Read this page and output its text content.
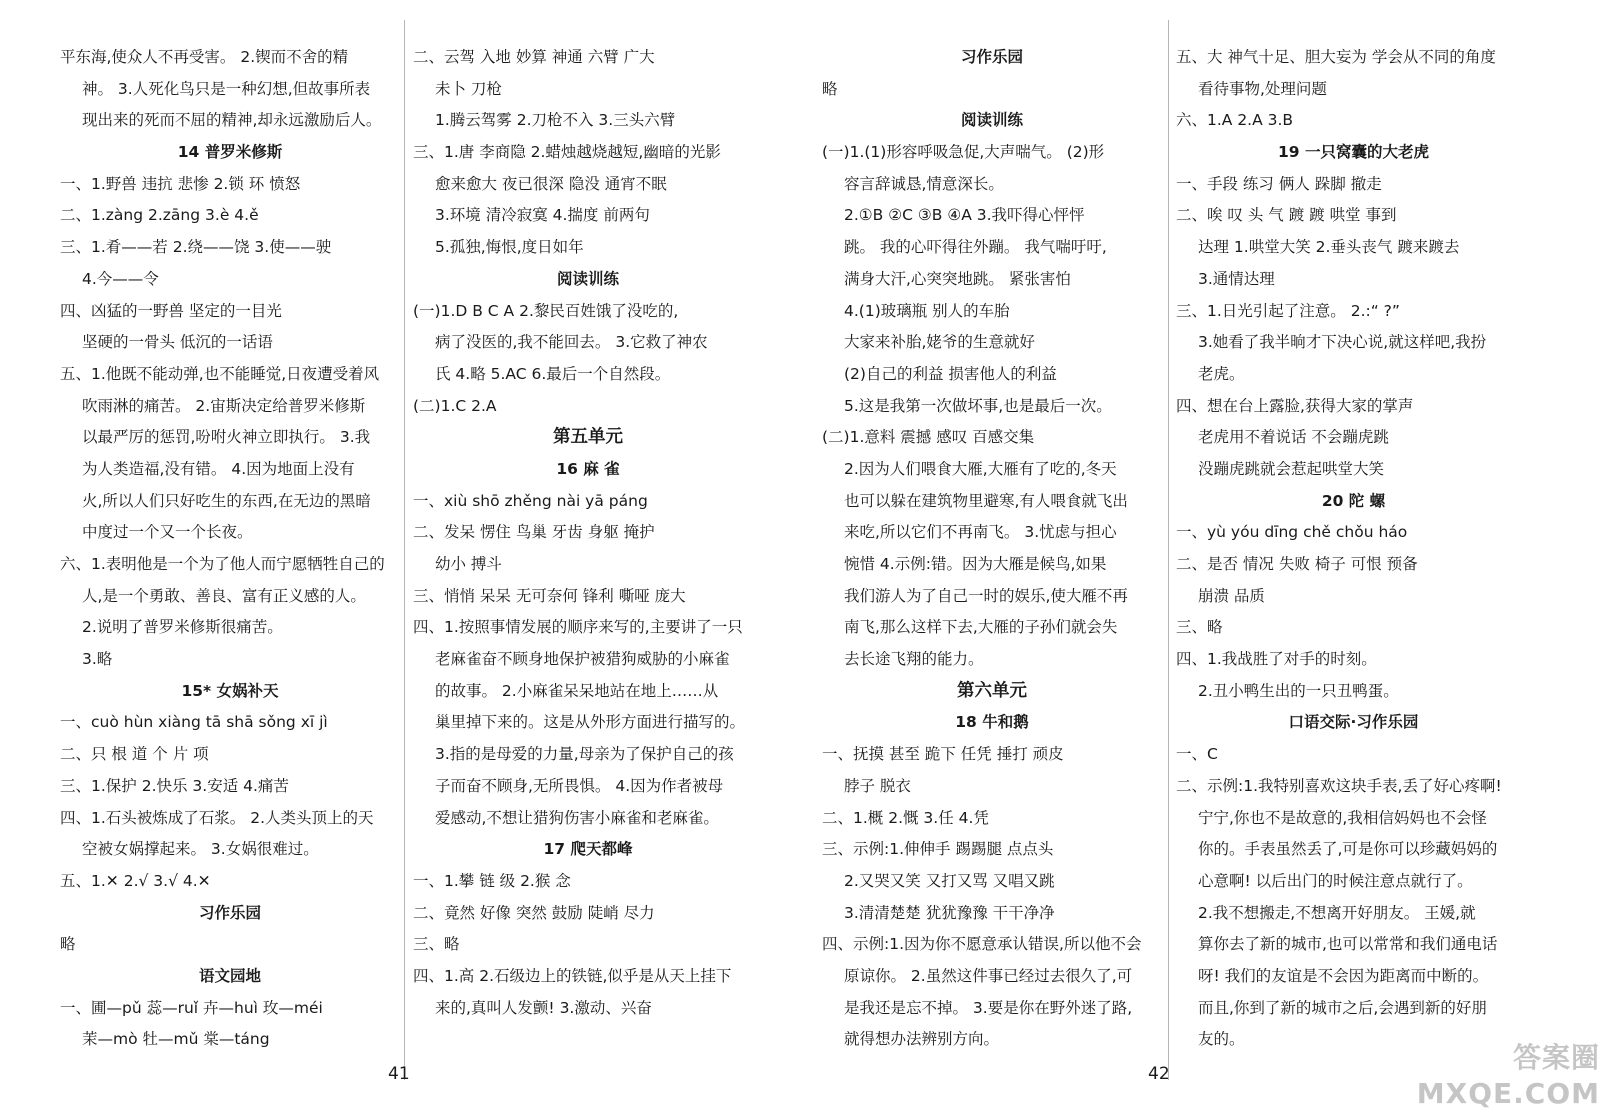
平东海,使众人不再受害。 2.锲而不舍的精
神。 3.人死化鸟只是一种幻想,但故事所表
现出来的死而不屈的精神,却永远激励后人。
14 普罗米修斯
一、1.野兽 违抗 悲惨 2.锁 环 愤怒
二、1.zàng 2.zāng 3.è 4.ě
三、1.肴——若 2.绕——饶 3.使——驶
4.今——令
四、凶猛的一野兽 坚定的一目光
坚硬的一骨头 低沉的一话语
五、1.他既不能动弹,也不能睡觉,日夜遭受着风
吹雨淋的痛苦。 2.宙斯决定给普罗米修斯
以最严厉的惩罚,吩咐火神立即执行。 3.我
为人类造福,没有错。 4.因为地面上没有
火,所以人们只好吃生的东西,在无边的黑暗
中度过一个又一个长夜。
六、1.表明他是一个为了他人而宁愿牺牲自己的
人,是一个勇敢、善良、富有正义感的人。
2.说明了普罗米修斯很痛苦。
3.略
15* 女娲补天
一、cuò hùn xiàng tā shā sǒng xī jì
二、只 根 道 个 片 项
三、1.保护 2.快乐 3.安适 4.痛苦
四、1.石头被炼成了石浆。 2.人类头顶上的天
空被女娲撑起来。 3.女娲很难过。
五、1.✕ 2.√ 3.√ 4.✕
习作乐园
略
语文园地
一、圃—pǔ 蕊—ruǐ 卉—huì 玫—méi
茉—mò 牡—mǔ 棠—táng
二、云驾 入地 妙算 神通 六臂 广大
未卜 刀枪
1.腾云驾雾 2.刀枪不入 3.三头六臂
三、1.唐 李商隐 2.蜡烛越烧越短,幽暗的光影
愈来愈大 夜已很深 隐没 通宵不眠
3.环境 清冷寂寞 4.揣度 前两句
5.孤独,悔恨,度日如年
阅读训练
(一)1.D B C A 2.黎民百姓饿了没吃的,
病了没医的,我不能回去。 3.它救了神农
氏 4.略 5.AC 6.最后一个自然段。
(二)1.C 2.A
第五单元
16 麻 雀
一、xiù shō zhěng nài yā páng
二、发呆 愣住 鸟巢 牙齿 身躯 掩护
幼小 搏斗
三、悄悄 呆呆 无可奈何 锋利 嘶哑 庞大
四、1.按照事情发展的顺序来写的,主要讲了一只
老麻雀奋不顾身地保护被猎狗威胁的小麻雀
的故事。 2.小麻雀呆呆地站在地上……从
巢里掉下来的。这是从外形方面进行描写的。
3.指的是母爱的力量,母亲为了保护自己的孩
子而奋不顾身,无所畏惧。 4.因为作者被母
爱感动,不想让猎狗伤害小麻雀和老麻雀。
17 爬天都峰
一、1.攀 链 级 2.猴 念
二、竟然 好像 突然 鼓励 陡峭 尽力
三、略
四、1.高 2.石级边上的铁链,似乎是从天上挂下
来的,真叫人发颤! 3.激动、兴奋
习作乐园
略
阅读训练
(一)1.(1)形容呼吸急促,大声喘气。 (2)形
容言辞诚恳,情意深长。
2.①B ②C ③B ④A 3.我吓得心怦怦
跳。 我的心吓得往外蹦。 我气喘吁吁,
满身大汗,心突突地跳。 紧张害怕
4.(1)玻璃瓶 别人的车胎
大家来补胎,姥爷的生意就好
(2)自己的利益 损害他人的利益
5.这是我第一次做坏事,也是最后一次。
(二)1.意料 震撼 感叹 百感交集
2.因为人们喂食大雁,大雁有了吃的,冬天
也可以躲在建筑物里避寒,有人喂食就飞出
来吃,所以它们不再南飞。 3.忧虑与担心
惋惜 4.示例:错。因为大雁是候鸟,如果
我们游人为了自己一时的娱乐,使大雁不再
南飞,那么这样下去,大雁的子孙们就会失
去长途飞翔的能力。
第六单元
18 牛和鹅
一、抚摸 甚至 跪下 任凭 捶打 顽皮
脖子 脱衣
二、1.概 2.慨 3.任 4.凭
三、示例:1.伸伸手 踢踢腿 点点头
2.又哭又笑 又打又骂 又唱又跳
3.清清楚楚 犹犹豫豫 干干净净
四、示例:1.因为你不愿意承认错误,所以他不会
原谅你。 2.虽然这件事已经过去很久了,可
是我还是忘不掉。 3.要是你在野外迷了路,
就得想办法辨别方向。
五、大 神气十足、胆大妄为 学会从不同的角度
看待事物,处理问题
六、1.A 2.A 3.B
19 一只窝囊的大老虎
一、手段 练习 俩人 跺脚 撤走
二、唉 叹 头 气 踱 踱 哄堂 事到
达理 1.哄堂大笑 2.垂头丧气 踱来踱去
3.通情达理
三、1.日光引起了注意。 2.:“ ?”
3.她看了我半晌才下决心说,就这样吧,我扮
老虎。
四、想在台上露脸,获得大家的掌声
老虎用不着说话 不会蹦虎跳
没蹦虎跳就会惹起哄堂大笑
20 陀 螺
一、yù yóu dīng chě chǒu háo
二、是否 情况 失败 椅子 可恨 预备
崩溃 品质
三、略
四、1.我战胜了对手的时刻。
2.丑小鸭生出的一只丑鸭蛋。
口语交际·习作乐园
一、C
二、示例:1.我特别喜欢这块手表,丢了好心疼啊!
宁宁,你也不是故意的,我相信妈妈也不会怪
你的。手表虽然丢了,可是你可以珍藏妈妈的
心意啊! 以后出门的时候注意点就行了。
2.我不想搬走,不想离开好朋友。 王媛,就
算你去了新的城市,也可以常常和我们通电话
呀! 我们的友谊是不会因为距离而中断的。
而且,你到了新的城市之后,会遇到新的好朋
友的。
41	42	答案圈
MXQE.COM
